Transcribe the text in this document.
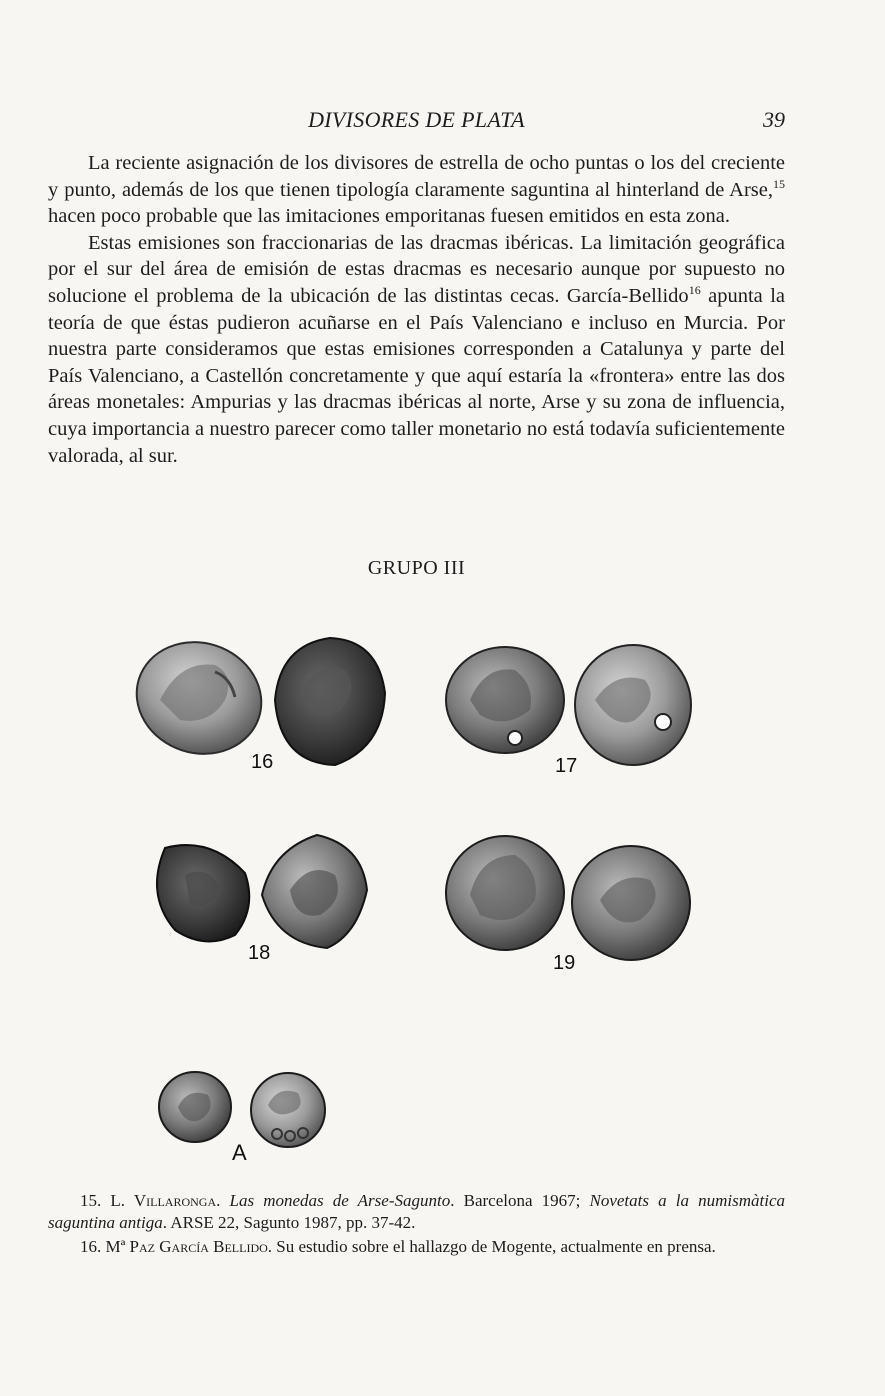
DIVISORES DE PLATA	39

La reciente asignación de los divisores de estrella de ocho puntas o los del creciente y punto, además de los que tienen tipología claramente saguntina al hinterland de Arse,$^{15}$ hacen poco probable que las imitaciones emporitanas fuesen emitidos en esta zona.

Estas emisiones son fraccionarias de las dracmas ibéricas. La limitación geográfica por el sur del área de emisión de estas dracmas es necesario aunque por supuesto no solucione el problema de la ubicación de las distintas cecas. García-Bellido$^{16}$ apunta la teoría de que éstas pudieron acuñarse en el País Valenciano e incluso en Murcia. Por nuestra parte consideramos que estas emisiones corresponden a Catalunya y parte del País Valenciano, a Castellón concretamente y que aquí estaría la «frontera» entre las dos áreas monetales: Ampurias y las dracmas ibéricas al norte, Arse y su zona de influencia, cuya importancia a nuestro parecer como taller monetario no está todavía suficientemente valorada, al sur.

GRUPO III
16	17
18	19
A

15. L. Villaronga. Las monedas de Arse-Sagunto. Barcelona 1967; Novetats a la numismàtica saguntina antiga. ARSE 22, Sagunto 1987, pp. 37-42.

16. Mª Paz García Bellido. Su estudio sobre el hallazgo de Mogente, actualmente en prensa.
